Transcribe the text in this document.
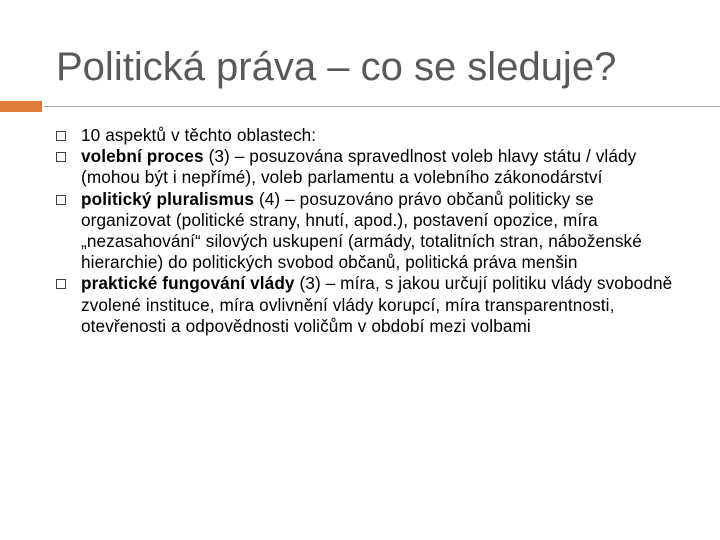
Politická práva – co se sleduje?
10 aspektů v těchto oblastech:
volební proces (3) – posuzována spravedlnost voleb hlavy státu / vlády (mohou být i nepřímé), voleb parlamentu a volebního zákonodárství
politický pluralismus (4) – posuzováno právo občanů politicky se organizovat (politické strany, hnutí, apod.), postavení opozice, míra „nezasahování“ silových uskupení (armády, totalitních stran, náboženské hierarchie) do politických svobod občanů, politická práva menšin
praktické fungování vlády (3) – míra, s jakou určují politiku vlády svobodně zvolené instituce, míra ovlivnění vlády korupcí, míra transparentnosti, otevřenosti a odpovědnosti voličům v období mezi volbami
